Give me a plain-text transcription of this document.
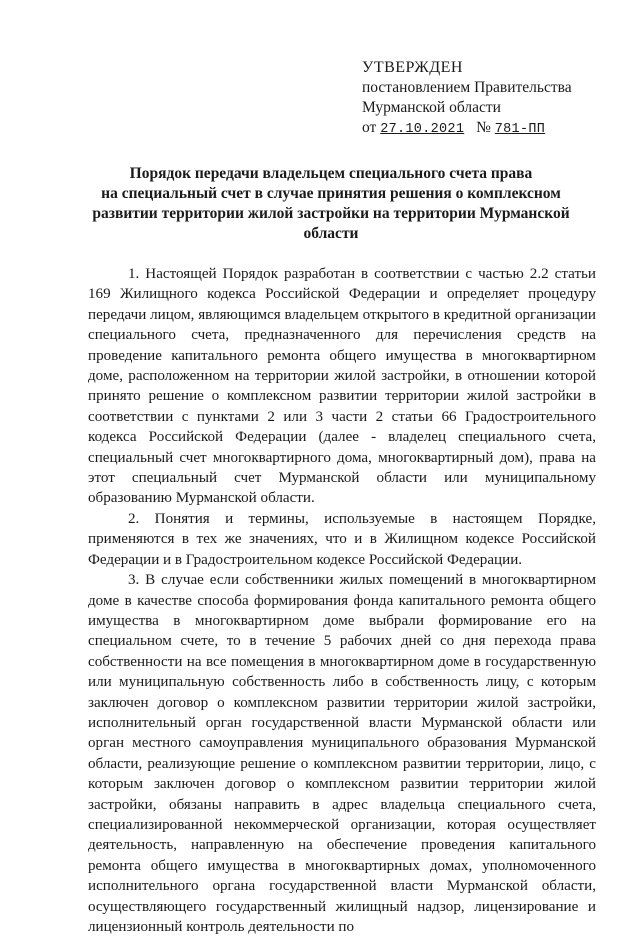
УТВЕРЖДЕН
постановлением Правительства
Мурманской области
от 27.10.2021 № 781-ПП
Порядок передачи владельцем специального счета права
на специальный счет в случае принятия решения о комплексном
развитии территории жилой застройки на территории Мурманской
области

1. Настоящей Порядок разработан в соответствии с частью 2.2 статьи 169 Жилищного кодекса Российской Федерации и определяет процедуру передачи лицом, являющимся владельцем открытого в кредитной организации специального счета, предназначенного для перечисления средств на проведение капитального ремонта общего имущества в многоквартирном доме, расположенном на территории жилой застройки, в отношении которой принято решение о комплексном развитии территории жилой застройки в соответствии с пунктами 2 или 3 части 2 статьи 66 Градостроительного кодекса Российской Федерации (далее - владелец специального счета, специальный счет многоквартирного дома, многоквартирный дом), права на этот специальный счет Мурманской области или муниципальному образованию Мурманской области.

2. Понятия и термины, используемые в настоящем Порядке, применяются в тех же значениях, что и в Жилищном кодексе Российской Федерации и в Градостроительном кодексе Российской Федерации.

3. В случае если собственники жилых помещений в многоквартирном доме в качестве способа формирования фонда капитального ремонта общего имущества в многоквартирном доме выбрали формирование его на специальном счете, то в течение 5 рабочих дней со дня перехода права собственности на все помещения в многоквартирном доме в государственную или муниципальную собственность либо в собственность лицу, с которым заключен договор о комплексном развитии территории жилой застройки, исполнительный орган государственной власти Мурманской области или орган местного самоуправления муниципального образования Мурманской области, реализующие решение о комплексном развитии территории, лицо, с которым заключен договор о комплексном развитии территории жилой застройки, обязаны направить в адрес владельца специального счета, специализированной некоммерческой организации, которая осуществляет деятельность, направленную на обеспечение проведения капитального ремонта общего имущества в многоквартирных домах, уполномоченного исполнительного органа государственной власти Мурманской области, осуществляющего государственный жилищный надзор, лицензирование и лицензионный контроль деятельности по
